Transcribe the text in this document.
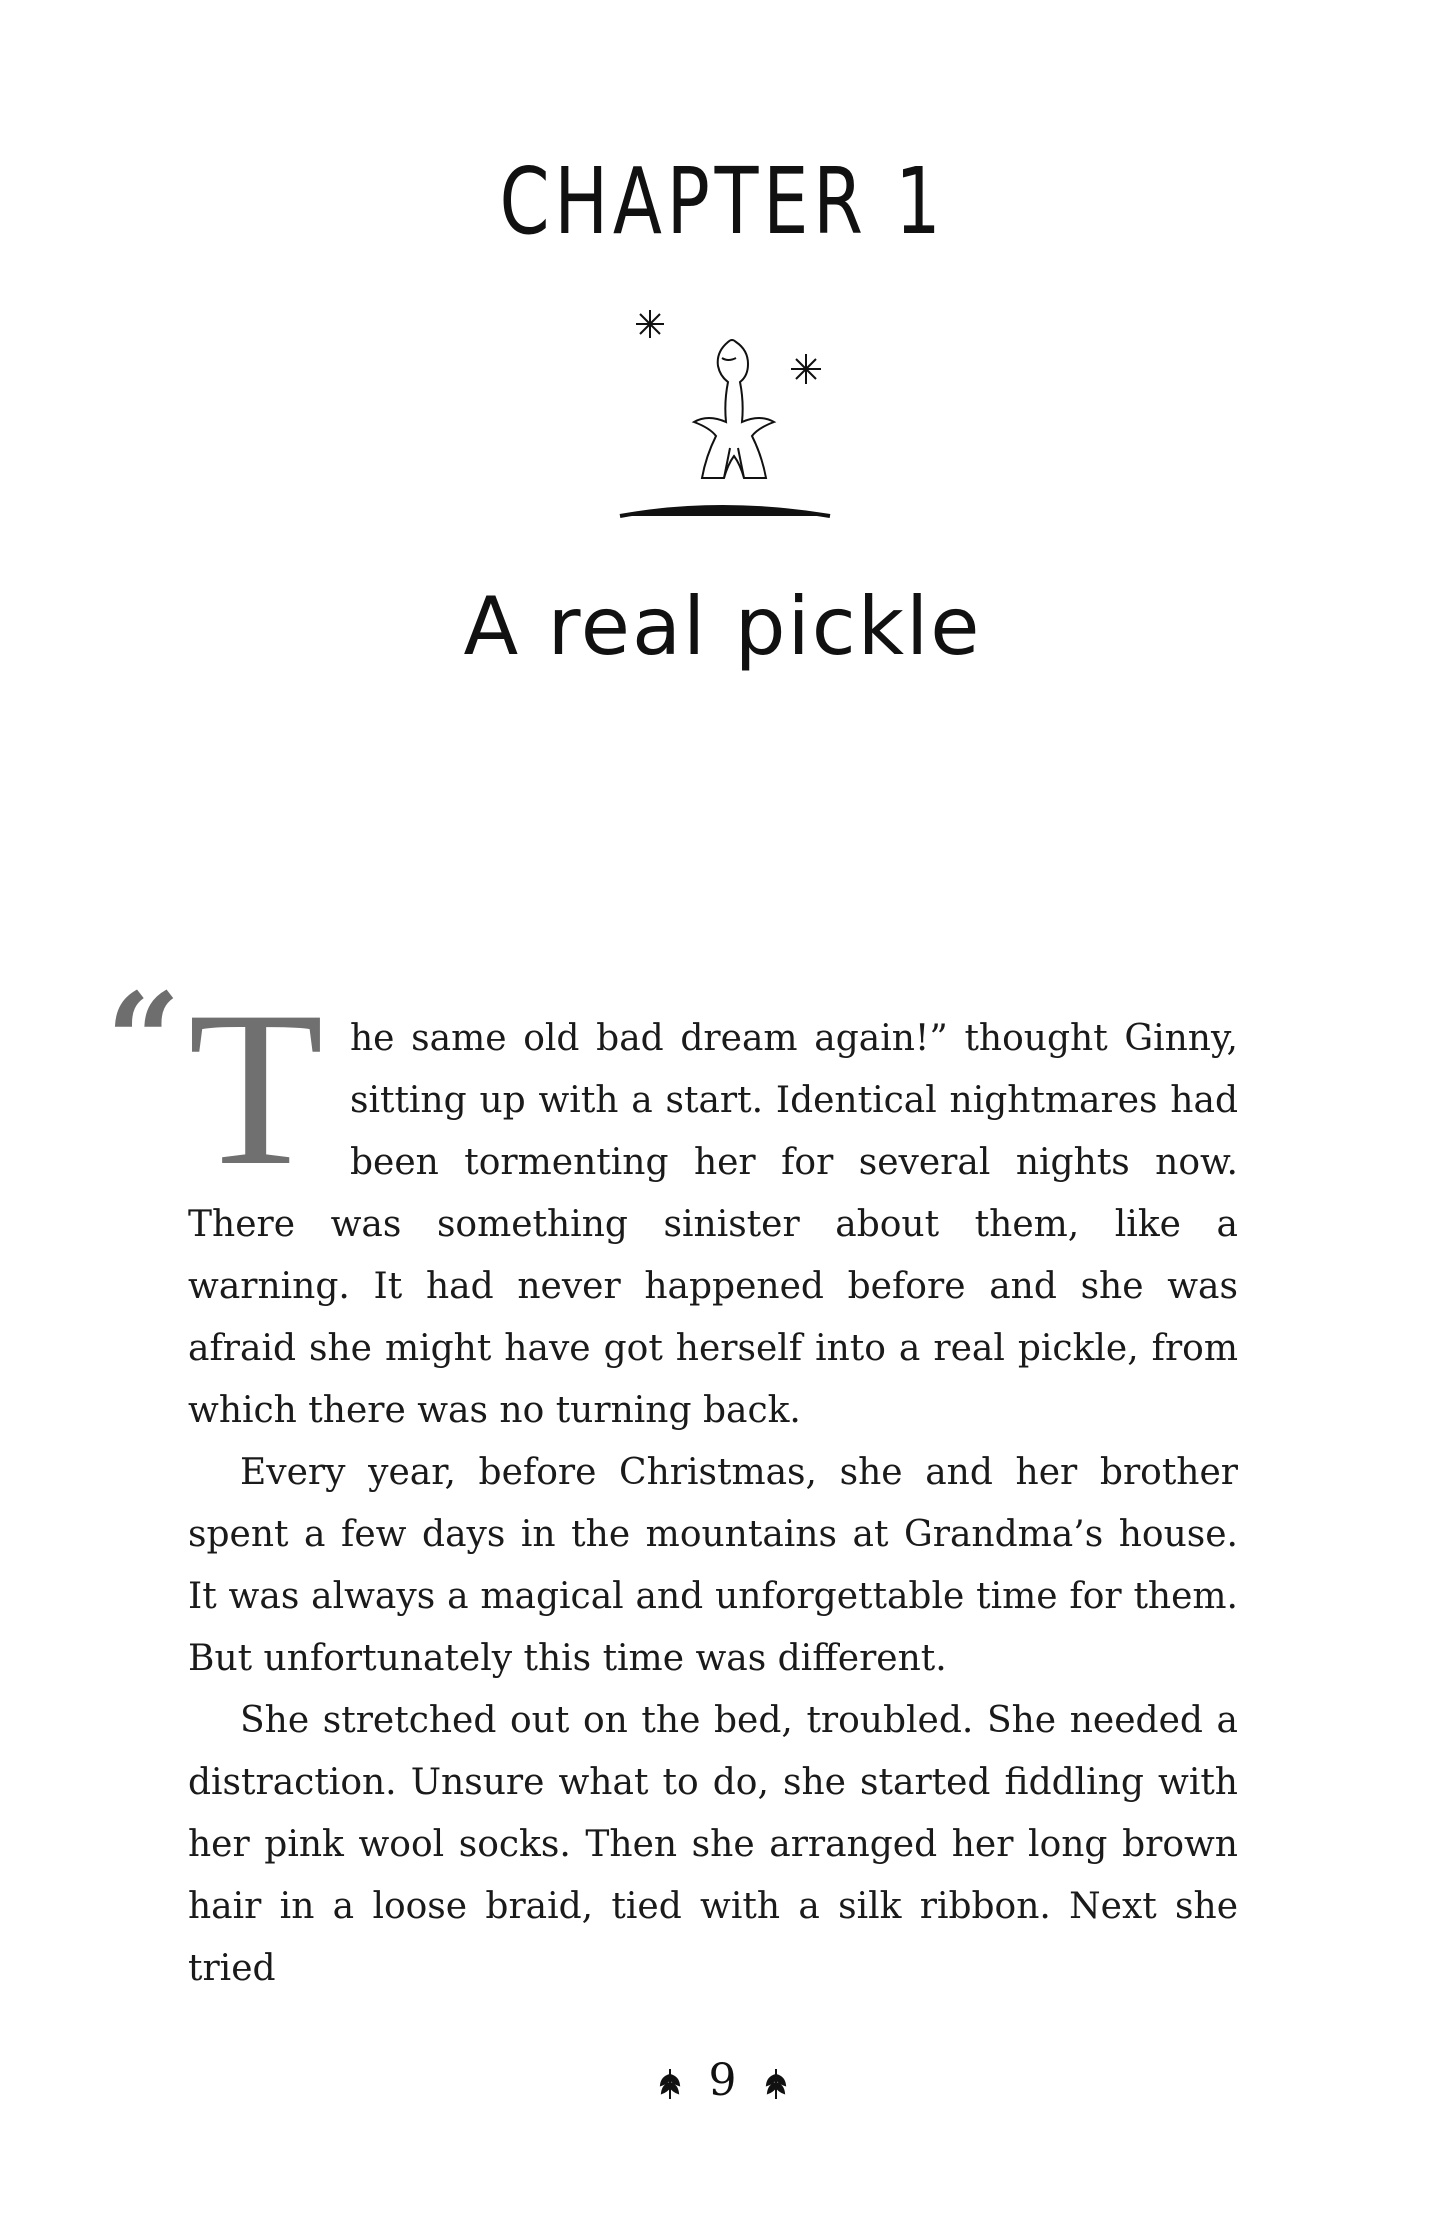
CHAPTER 1
A real pickle

“ T he same old bad dream again!” thought Ginny, sitting up with a start. Identical nightmares had been tormenting her for several nights now. There was something sinister about them, like a warning. It had never happened before and she was afraid she might have got herself into a real pickle, from which there was no turning back.

Every year, before Christmas, she and her brother spent a few days in the mountains at Grandma’s house. It was always a magical and unforgettable time for them. But unfortunately this time was different.

She stretched out on the bed, troubled. She needed a distraction. Unsure what to do, she started fiddling with her pink wool socks. Then she arranged her long brown hair in a loose braid, tied with a silk ribbon. Next she tried

9
